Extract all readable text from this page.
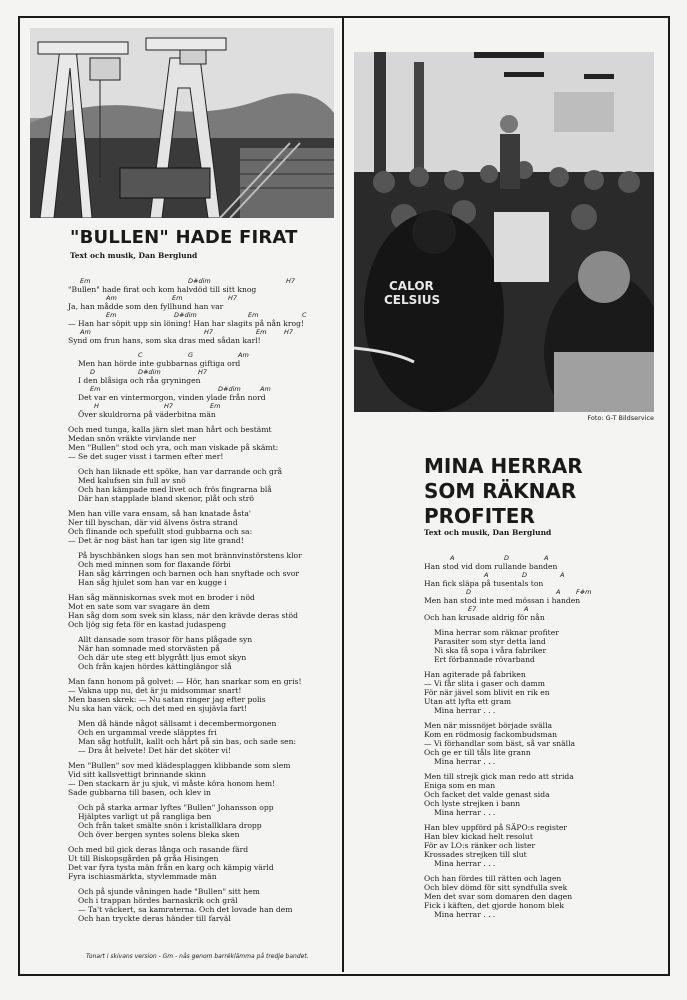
CALOR
CELSIUS
Foto: G-T Bildservice
"BULLEN" HADE FIRAT
Text och musik, Dan Berglund
Em	D#dim	H7
"Bullen" hade firat och kom halvdöd till sitt knog
Am	Em	H7
Ja, han mådde som den fyllhund han var
Em	D#dim	Em	C
— Han har söpit upp sin löning! Han har slagits på nån krog!
Am	H7	Em	H7
Synd om frun hans, som ska dras med sådan karl!
C	G	Am
Men han hörde inte gubbarnas giftiga ord
D	D#dim	H7
I den blåsiga och råa gryningen
Em	D#dim	Am
Det var en vintermorgon, vinden ylade från nord
H	H7	Em
Över skuldrorna på väderbitna män
Och med tunga, kalla järn slet man hårt och bestämt
Medan snön vräkte virvlande ner
Men "Bullen" stod och yra, och man viskade på skämt:
— Se det suger visst i tarmen efter mer!
Och han liknade ett spöke, han var darrande och grå
Med kalufsen sin full av snö
Och han kämpade med livet och frös fingrarna blå
Där han stapplade bland skenor, plåt och strö
Men han ville vara ensam, så han knatade åsta'
Ner till byschan, där vid älvens östra strand
Och flinande och spefullt stod gubbarna och sa:
— Det är nog bäst han tar igen sig lite grand!
På byschbänken slogs han sen mot brännvinstörstens klor
Och med minnen som for flaxande förbi
Han såg kärringen och barnen och han snyftade och svor
Han såg hjulet som han var en kugge i
Han såg människornas svek mot en broder i nöd
Mot en sate som var svagare än dem
Han såg dom som svek sin klass, när den krävde deras stöd
Och ljög sig feta för en kastad judaspeng
Allt dansade som trasor för hans plågade syn
När han somnade med storvästen på
Och där ute steg ett blygrått ljus emot skyn
Och från kajen hördes kättinglängor slå
Man fann honom på golvet: — Hör, han snarkar som en gris!
— Vakna upp nu, det är ju midsommar snart!
Men basen skrek: — Nu satan ringer jag efter polis
Nu ska han väck, och det med en sjujävla fart!
Men då hände något sällsamt i decembermorgonen
Och en urgammal vrede släpptes fri
Man såg hotfullt, kallt och hårt på sin bas, och sade sen:
— Dra åt helvete! Det här det sköter vi!
Men "Bullen" sov med klädesplaggen klibbande som slem
Vid sitt kallsvettigt brinnande skinn
— Den stackarn är ju sjuk, vi måste köra honom hem!
Sade gubbarna till basen, och klev in
Och på starka armar lyftes "Bullen" Johansson opp
Hjälptes varligt ut på rangliga ben
Och från taket smälte snön i kristallklara dropp
Och över bergen syntes solens bleka sken
Och med bil gick deras långa och rasande färd
Ut till Biskopsgården på gråa Hisingen
Det var fyra tysta män från en karg och kämpig värld
Fyra ischiasmärkta, styvlemmade män
Och på sjunde våningen hade "Bullen" sitt hem
Och i trappan hördes barnaskrik och gräl
— Ta't väckert, sa kamraterna. Och det lovade han dem
Och han tryckte deras händer till farväl
Tonart i skivans version - Gm - nås genom barréklämma på tredje bandet.
MINA HERRAR
SOM RÄKNAR
PROFITER
Text och musik, Dan Berglund
A	D	A
Han stod vid dom rullande banden
A	D	A
Han fick släpa på tusentals ton
D	A F#m
Men han stod inte med mössan i handen
E7	A
Och han krusade aldrig för nån
Mina herrar som räknar profiter
Parasiter som styr detta land
Ni ska få sopa i våra fabriker
Ert förbannade rövarband
Han agiterade på fabriken
— Vi får slita i gaser och damm
För när jävel som blivit en rik en
Utan att lyfta ett gram
Mina herrar . . .
Men när missnöjet började svälla
Kom en rödmosig fackombudsman
— Vi förhandlar som bäst, så var snälla
Och ge er till tåls lite grann
Mina herrar . . .
Men till strejk gick man redo att strida
Eniga som en man
Och facket det valde genast sida
Och lyste strejken i bann
Mina herrar . . .
Han blev uppförd på SÄPO:s register
Han blev kickad helt resolut
För av LO:s ränker och lister
Krossades strejken till slut
Mina herrar . . .
Och han fördes till rätten och lagen
Och blev dömd för sitt syndfulla svek
Men det svar som domaren den dagen
Fick i käften, det gjorde honom blek
Mina herrar . . .
